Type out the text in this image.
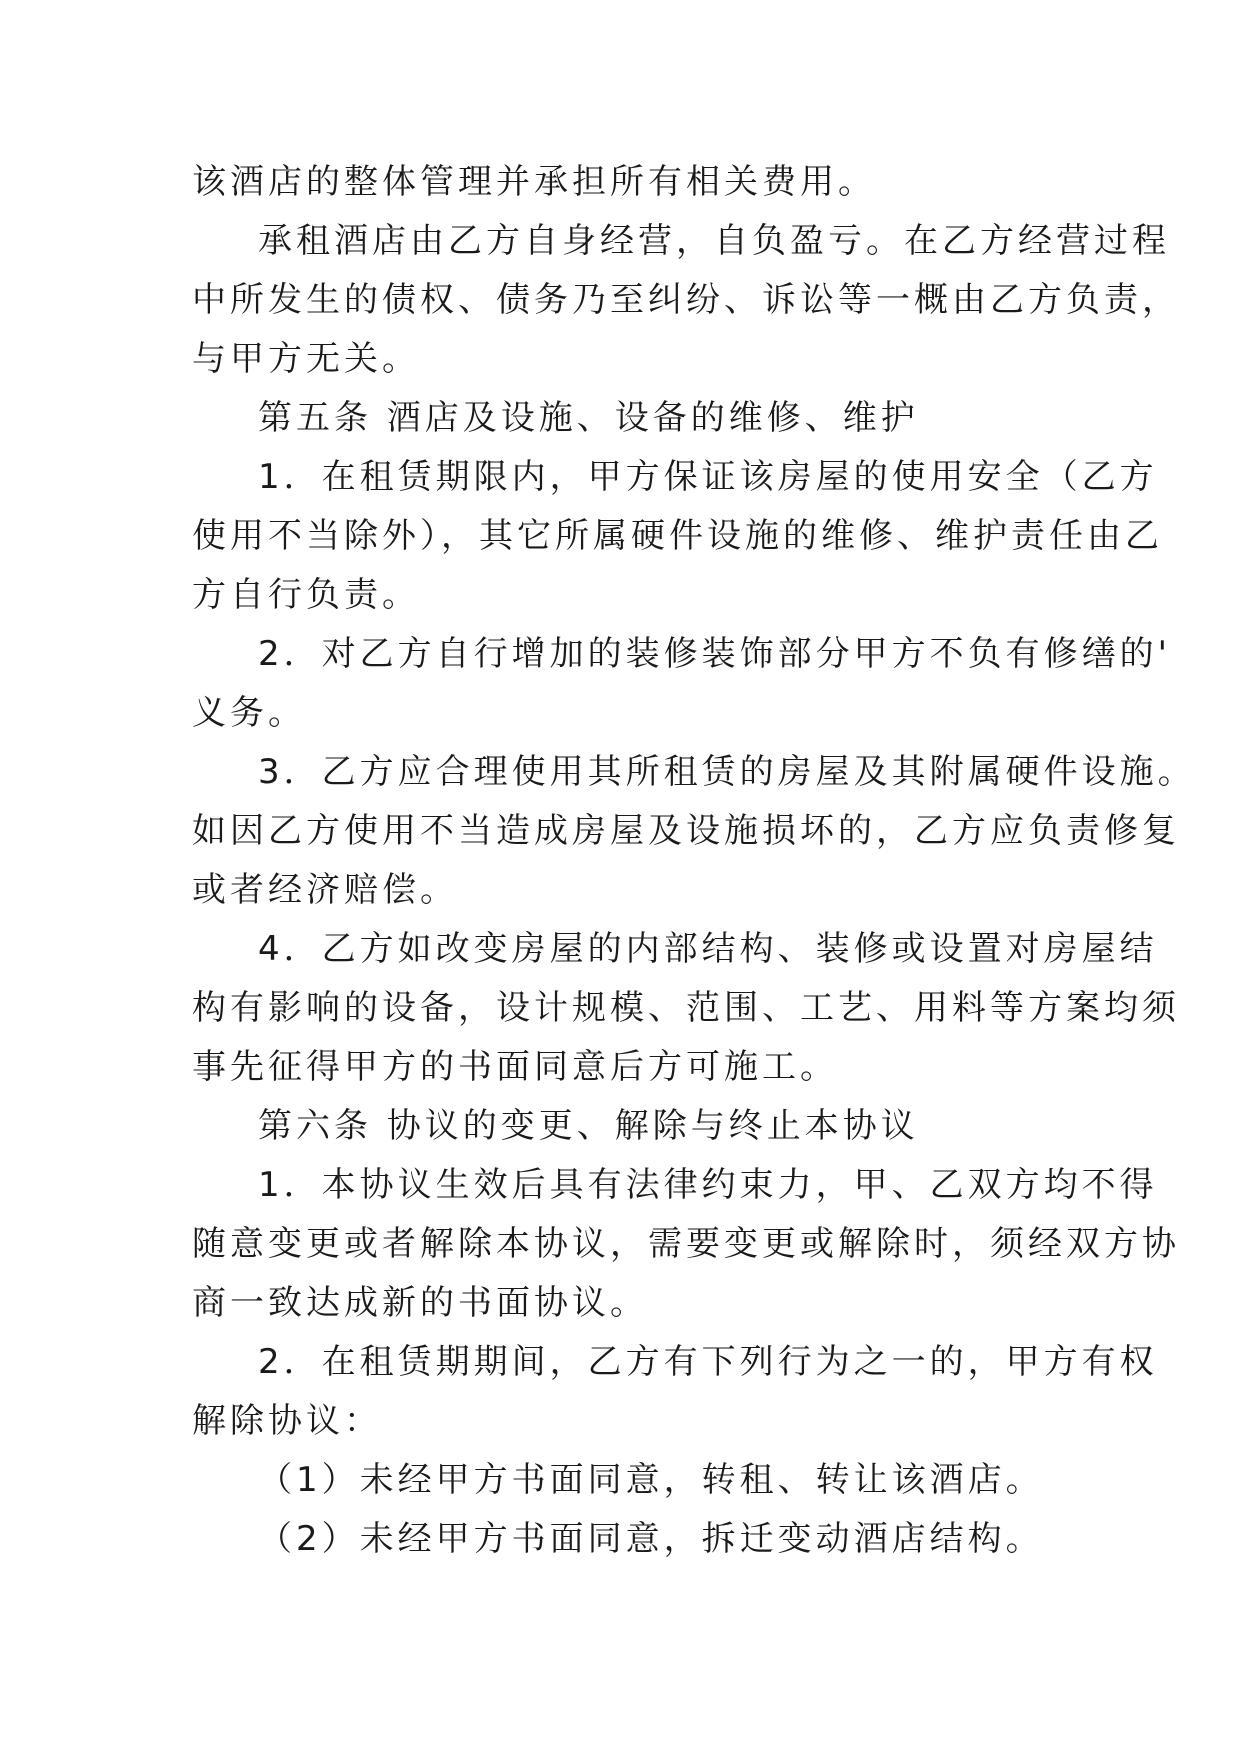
该酒店的整体管理并承担所有相关费用。
承租酒店由乙方自身经营，自负盈亏。在乙方经营过程
中所发生的债权、债务乃至纠纷、诉讼等一概由乙方负责，
与甲方无关。
第五条 酒店及设施、设备的维修、维护
1．在租赁期限内，甲方保证该房屋的使用安全（乙方
使用不当除外），其它所属硬件设施的维修、维护责任由乙
方自行负责。
2．对乙方自行增加的装修装饰部分甲方不负有修缮的'
义务。
3．乙方应合理使用其所租赁的房屋及其附属硬件设施。
如因乙方使用不当造成房屋及设施损坏的，乙方应负责修复
或者经济赔偿。
4．乙方如改变房屋的内部结构、装修或设置对房屋结
构有影响的设备，设计规模、范围、工艺、用料等方案均须
事先征得甲方的书面同意后方可施工。
第六条 协议的变更、解除与终止本协议
1．本协议生效后具有法律约束力，甲、乙双方均不得
随意变更或者解除本协议，需要变更或解除时，须经双方协
商一致达成新的书面协议。
2．在租赁期期间，乙方有下列行为之一的，甲方有权
解除协议：
（1）未经甲方书面同意，转租、转让该酒店。
（2）未经甲方书面同意，拆迁变动酒店结构。
